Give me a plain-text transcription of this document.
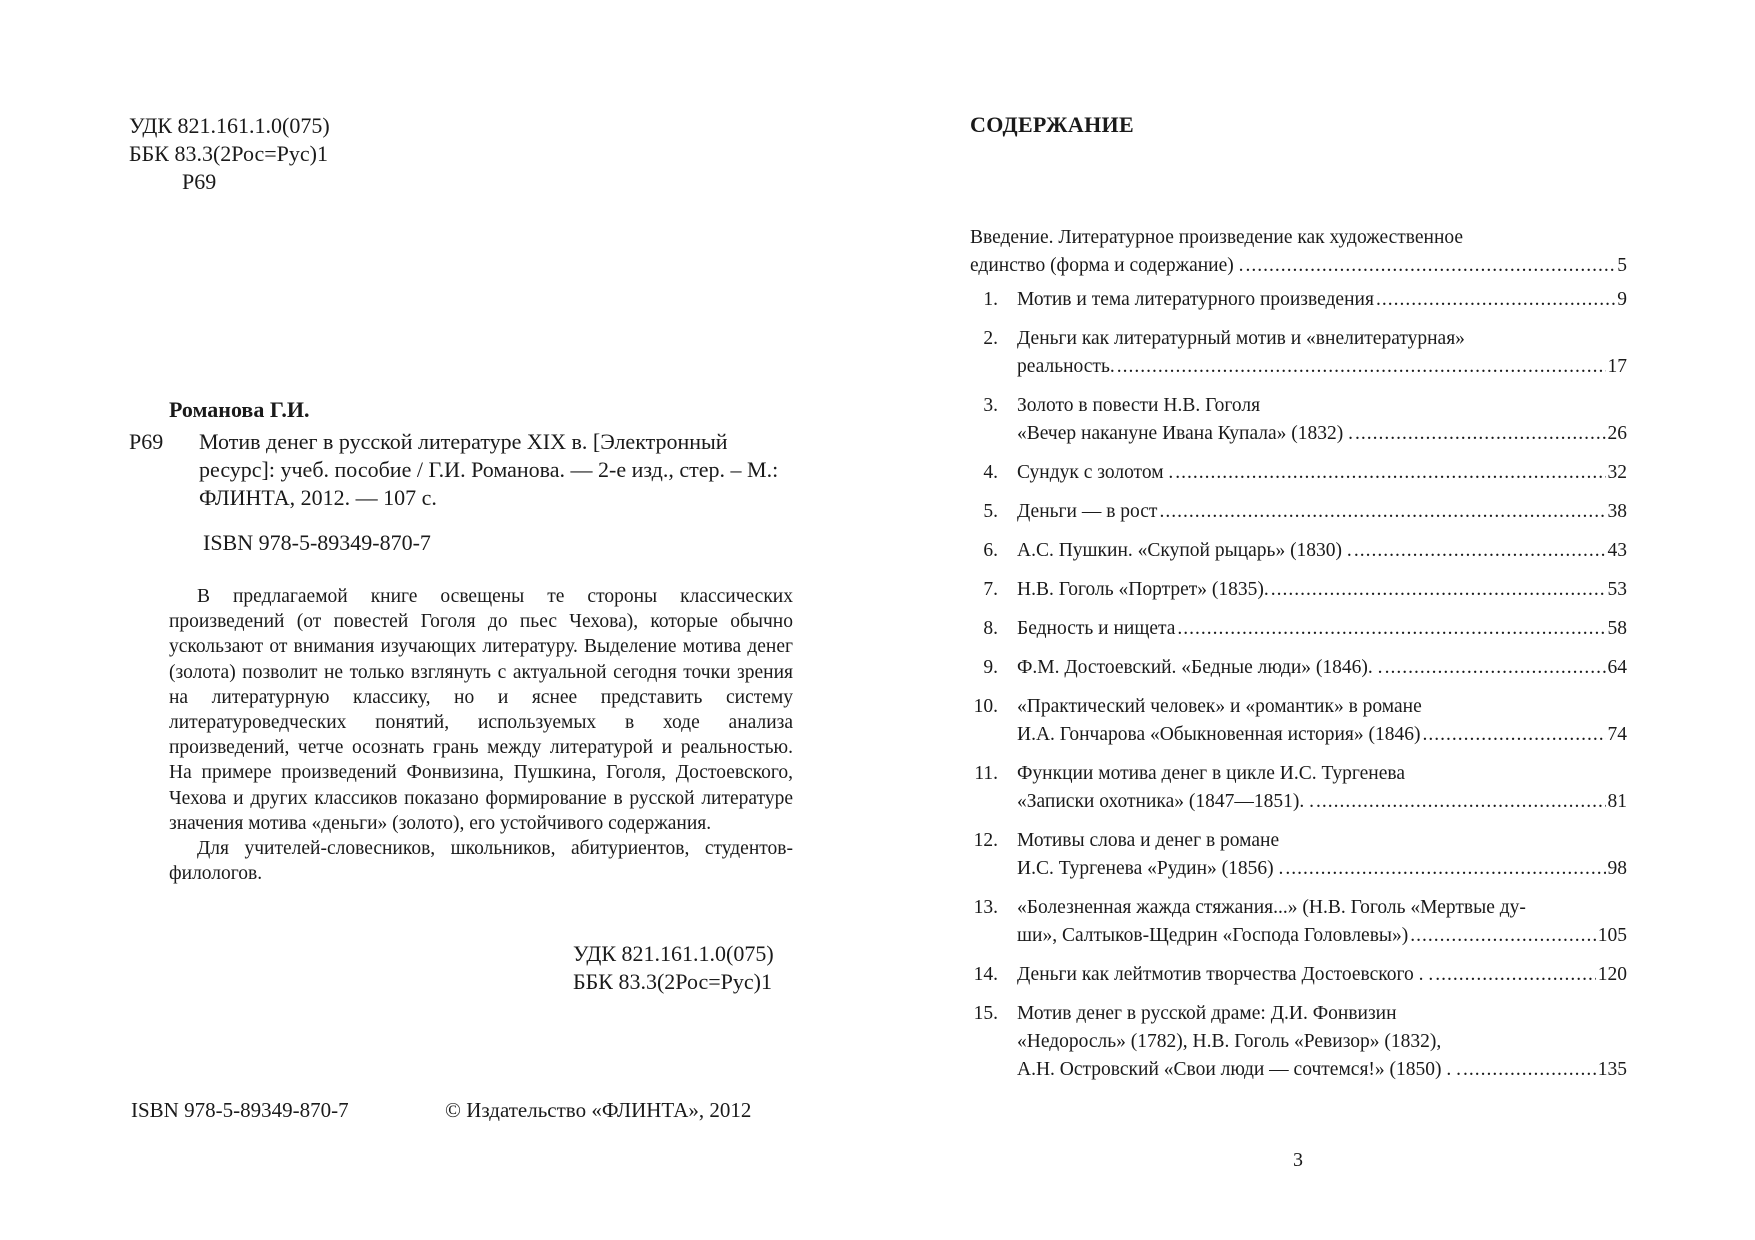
УДК 821.161.1.0(075)
ББК 83.3(2Рос=Рус)1
Р69
Романова Г.И.
Р69 Мотив денег в русской литературе XIX в. [Электронный ресурс]: учеб. пособие / Г.И. Романова. — 2-е изд., стер. – М.: ФЛИНТА, 2012. — 107 с.
ISBN 978-5-89349-870-7

В предлагаемой книге освещены те стороны классических произведений (от повестей Гоголя до пьес Чехова), которые обычно ускользают от внимания изучающих литературу. Выделение мотива денег (золота) позволит не только взглянуть с актуальной сегодня точки зрения на литературную классику, но и яснее представить систему литературоведческих понятий, используемых в ходе анализа произведений, четче осознать грань между литературой и реальностью. На примере произведений Фонвизина, Пушкина, Гоголя, Достоевского, Чехова и других классиков показано формирование в русской литературе значения мотива «деньги» (золото), его устойчивого содержания.

Для учителей-словесников, школьников, абитуриентов, студентов-филологов.

УДК 821.161.1.0(075)
ББК 83.3(2Рос=Рус)1
ISBN 978-5-89349-870-7	© Издательство «ФЛИНТА», 2012
СОДЕРЖАНИЕ
Введение. Литературное произведение как художественное
единство (форма и содержание) . .....	5
1. Мотив и тема литературного произведения .....	9
2. Деньги как литературный мотив и «внелитературная»
реальность. .....	17
3. Золото в повести Н.В. Гоголя
«Вечер накануне Ивана Купала» (1832) . .....	26
4. Сундук с золотом . .....	32
5. Деньги — в рост .....	38
6. А.С. Пушкин. «Скупой рыцарь» (1830) . .....	43
7. Н.В. Гоголь «Портрет» (1835). .....	53
8. Бедность и нищета .....	58
9. Ф.М. Достоевский. «Бедные люди» (1846). . .....	64
10. «Практический человек» и «романтик» в романе
И.А. Гончарова «Обыкновенная история» (1846) .....	74
11. Функции мотива денег в цикле И.С. Тургенева
«Записки охотника» (1847—1851). . .....	81
12. Мотивы слова и денег в романе
И.С. Тургенева «Рудин» (1856) . .....	98
13. «Болезненная жажда стяжания...» (Н.В. Гоголь «Мертвые ду-
ши», Салтыков-Щедрин «Господа Головлевы») .....	105
14. Деньги как лейтмотив творчества Достоевского . . .....	120
15. Мотив денег в русской драме: Д.И. Фонвизин
«Недоросль» (1782), Н.В. Гоголь «Ревизор» (1832),
А.Н. Островский «Свои люди — сочтемся!» (1850) . . .....	135
3
